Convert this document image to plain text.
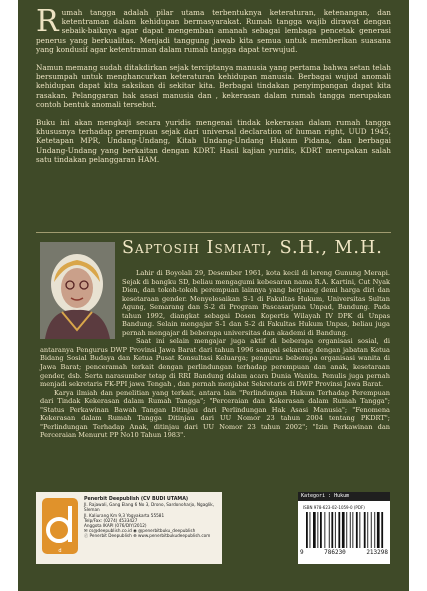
Rumah tangga adalah pilar utama terbentuknya keteraturan, ketenangan, dan ketentraman dalam kehidupan bermasyarakat. Rumah tangga wajib dirawat dengan sebaik-baiknya agar dapat mengemban amanah sebagai lembaga pencetak generasi penerus yang berkualitas. Menjadi tanggung jawab kita semua untuk memberikan suasana yang kondusif agar ketentraman dalam rumah tangga dapat terwujud.

Namun memang sudah ditakdirkan sejak terciptanya manusia yang pertama bahwa setan telah bersumpah untuk menghancurkan keteraturan kehidupan manusia. Berbagai wujud anomali kehidupan dapat kita saksikan di sekitar kita. Berbagai tindakan penyimpangan dapat kita rasakan. Pelanggaran hak asasi manusia dan , kekerasan dalam rumah tangga merupakan contoh bentuk anomali tersebut.

Buku ini akan mengkaji secara yuridis mengenai tindak kekerasan dalam rumah tangga khususnya terhadap perempuan sejak dari universal declaration of human right, UUD 1945, Ketetapan MPR, Undang-Undang, Kitab Undang-Undang Hukum Pidana, dan berbagai Undang-Undang yang berkaitan dengan KDRT. Hasil kajian yuridis, KDRT merupakan salah satu tindakan pelanggaran HAM.

Saptosih Ismiati, S.H., M.H.

Lahir di Boyolali 29, Desember 1961, kota kecil di lereng Gunung Merapi. Sejak di bangku SD, beliau mengagumi kebesaran nama R.A. Kartini, Cut Nyak Dien, dan tokoh-tokoh perempuan lainnya yang berjuang demi harga diri dan kesetaraan gender. Menyelesaikan S-1 di Fakultas Hukum, Universitas Sultan Agung, Semarang dan S-2 di Program Pascasarjana Unpad, Bandung. Pada tahun 1992, diangkat sebagai Dosen Kopertis Wilayah IV DPK di Unpas Bandung. Selain mengajar S-1 dan S-2 di Fakultas Hukum Unpas, beliau juga pernah mengajar di beberapa universitas dan akademi di Bandung.

Saat ini selain mengajar juga aktif di beberapa organisasi sosial, di antaranya Pengurus DWP Provinsi Jawa Barat dari tahun 1996 sampai sekarang dengan jabatan Ketua Bidang Sosial Budaya dan Ketua Pusat Konsultasi Keluarga; pengurus beberapa organisasi wanita di Jawa Barat; penceramah terkait dengan perlindungan terhadap perempuan dan anak, kesetaraan gender, dsb. Serta narasumber tetap di RRI Bandung dalam acara Dunia Wanita. Penulis juga pernah menjadi sekretaris FK-PPI jawa Tengah , dan pernah menjabat Sekretaris di DWP Provinsi Jawa Barat.

Karya ilmiah dan penelitian yang terkait, antara lain "Perlindungan Hukum Terhadap Perempuan dari Tindak Kekerasan dalam Rumah Tangga"; "Perceraian dan Kekerasan dalam Rumah Tangga"; "Status Perkawinan Bawah Tangan Ditinjau dari Perlindungan Hak Asasi Manusia"; "Fenomena Kekerasan dalam Rumah Tangga Ditinjau dari UU Nomor 23 tahun 2004 tentang PKDRT"; "Perlindungan Terhadap Anak, ditinjau dari UU Nomor 23 tahun 2002"; "Izin Perkawinan dan Perceraian Menurut PP No10 Tahun 1983".

d
Penerbit Deepublish (CV BUDI UTAMA)
Jl. Rajawali, Gang Elang 6 No 3, Drono, Sardonoharjo, Ngaglik, Sleman
Jl. Kaliurang Km 9,3 Yogyakarta 55581
Telp/Fax: (0274) 4533427
Anggota IKAPI (076/DIY/2012)
✉ cs@deepublish.co.id ◉ @penerbitbuku_deepublish
ⓕ Penerbit Deepublish ⊕ www.penerbitbukudeepublish.com
Kategori : Hukum
ISBN 978-623-02-1059-0 (PDF)
9	786230	213298
